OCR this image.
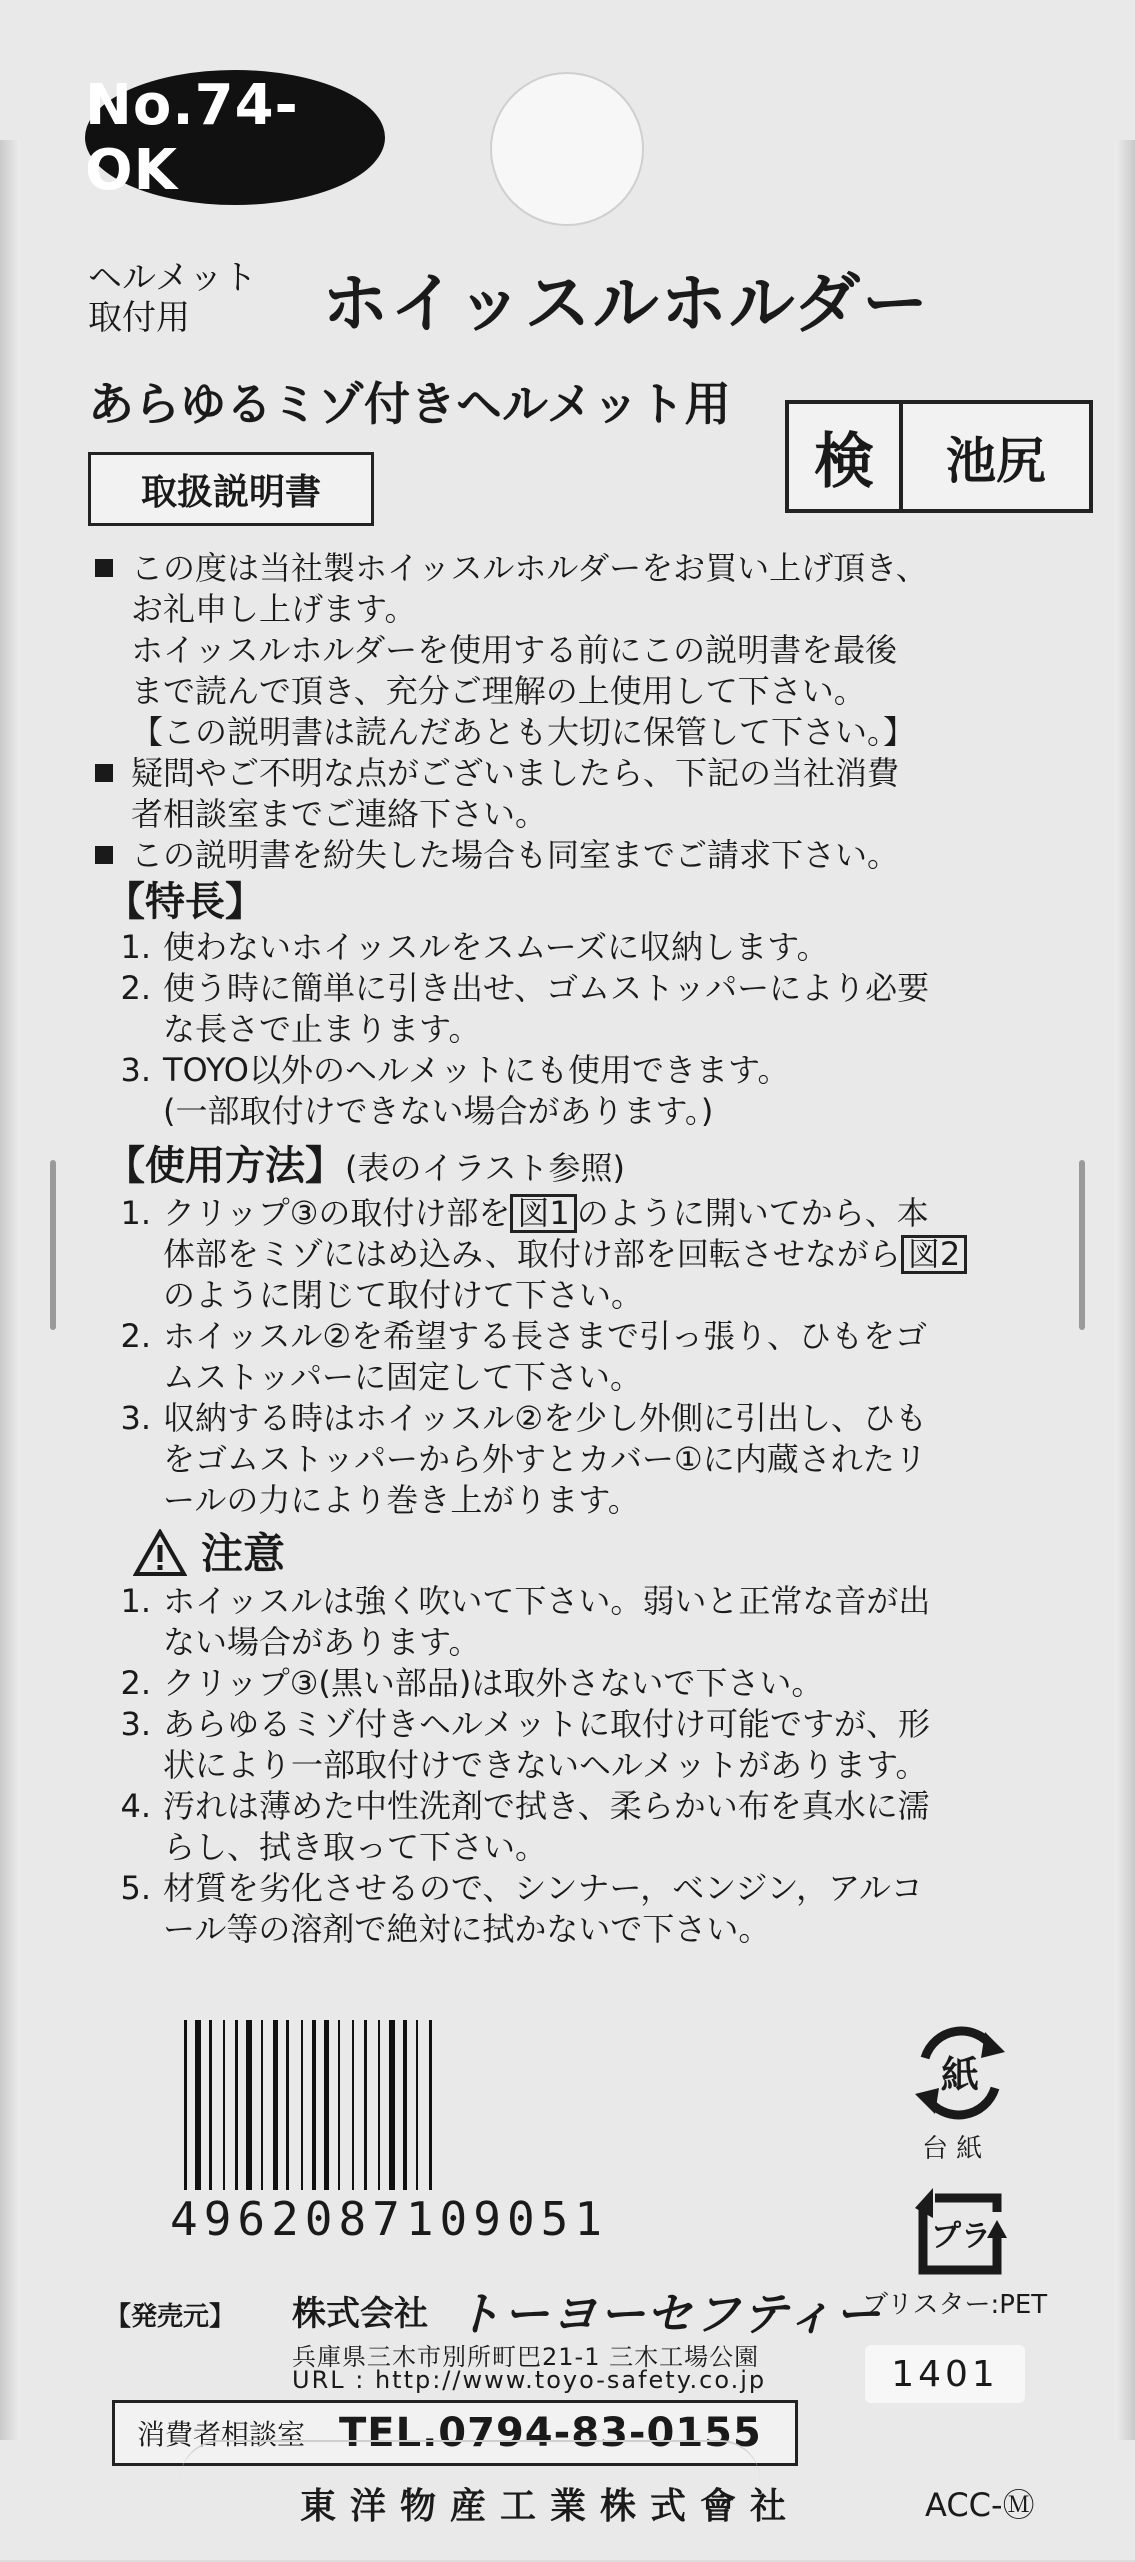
No.74-OK
ヘルメット
取付用	ホイッスルホルダー
あらゆるミゾ付きヘルメット用
検	池尻
取扱説明書
この度は当社製ホイッスルホルダーをお買い上げ頂き、
お礼申し上げます。
ホイッスルホルダーを使用する前にこの説明書を最後
まで読んで頂き、充分ご理解の上使用して下さい。
【この説明書は読んだあとも大切に保管して下さい。】
疑問やご不明な点がございましたら、下記の当社消費
者相談室までご連絡下さい。
この説明書を紛失した場合も同室までご請求下さい。
【特長】
1. 使わないホイッスルをスムーズに収納します。
2. 使う時に簡単に引き出せ、ゴムストッパーにより必要
な長さで止まります。
3. TOYO以外のヘルメットにも使用できます。
(一部取付けできない場合があります。)
【使用方法】(表のイラスト参照)
1. クリップ③の取付け部を 図1 のように開いてから、本
体部をミゾにはめ込み、取付け部を回転させながら 図2
のように閉じて取付けて下さい。
2. ホイッスル②を希望する長さまで引っ張り、ひもをゴ
ムストッパーに固定して下さい。
3. 収納する時はホイッスル②を少し外側に引出し、ひも
をゴムストッパーから外すとカバー①に内蔵されたリ
ールの力により巻き上がります。
注意
1. ホイッスルは強く吹いて下さい。弱いと正常な音が出
ない場合があります。
2. クリップ③(黒い部品)は取外さないで下さい。
3. あらゆるミゾ付きヘルメットに取付け可能ですが、形
状により一部取付けできないヘルメットがあります。
4. 汚れは薄めた中性洗剤で拭き、柔らかい布を真水に濡
らし、拭き取って下さい。
5. 材質を劣化させるので、シンナー，ベンジン，アルコ
ール等の溶剤で絶対に拭かないで下さい。
4962087109051
紙
台 紙
プラ
ブリスター:PET
【発売元】 株式会社 トーヨーセフティー
兵庫県三木市別所町巴21-1 三木工場公園
URL : http://www.toyo-safety.co.jp	1401
消費者相談室 TEL.0794-83-0155
東洋物産工業株式會社	ACC-Ⓜ
